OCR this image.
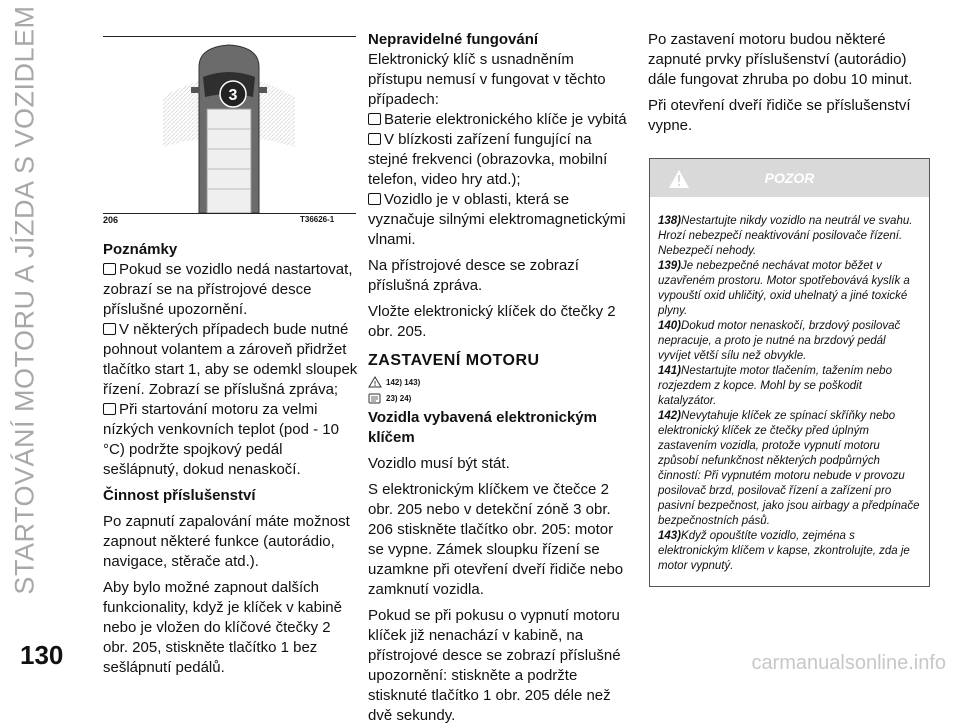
STARTOVÁNÍ MOTORU A JÍZDA S VOZIDLEM	3
206	T36626-1
Poznámky

Pokud se vozidlo nedá nastartovat, zobrazí se na přístrojové desce příslušné upozornění.

V některých případech bude nutné pohnout volantem a zároveň přidržet tlačítko start 1, aby se odemkl sloupek řízení. Zobrazí se příslušná zpráva;

Při startování motoru za velmi nízkých venkovních teplot (pod - 10 °C) podržte spojkový pedál sešlápnutý, dokud nenaskočí.

Činnost příslušenství

Po zapnutí zapalování máte možnost zapnout některé funkce (autorádio, navigace, stěrače atd.).

Aby bylo možné zapnout dalších funkcionality, když je klíček v kabině nebo je vložen do klíčové čtečky 2 obr. 205, stiskněte tlačítko 1 bez sešlápnutí pedálů.

Nepravidelné fungování

Elektronický klíč s usnadněním přístupu nemusí v fungovat v těchto případech:

Baterie elektronického klíče je vybitá

V blízkosti zařízení fungující na stejné frekvenci (obrazovka, mobilní telefon, video hry atd.);

Vozidlo je v oblasti, která se vyznačuje silnými elektromagnetickými vlnami.

Na přístrojové desce se zobrazí příslušná zpráva.

Vložte elektronický klíček do čtečky 2 obr. 205.

ZASTAVENÍ MOTORU
! 142) 143)
23) 24)
Vozidla vybavená elektronickým klíčem

Vozidlo musí být stát.

S elektronickým klíčkem ve čtečce 2 obr. 205 nebo v detekční zóně 3 obr. 206 stiskněte tlačítko obr. 205: motor se vypne. Zámek sloupku řízení se uzamkne při otevření dveří řidiče nebo zamknutí vozidla.

Pokud se při pokusu o vypnutí motoru klíček již nenachází v kabině, na přístrojové desce se zobrazí příslušné upozornění: stiskněte a podržte stisknuté tlačítko 1 obr. 205 déle než dvě sekundy.

Po zastavení motoru budou některé zapnuté prvky příslušenství (autorádio) dále fungovat zhruba po dobu 10 minut.

Při otevření dveří řidiče se příslušenství vypne.

POZOR

138)Nestartujte nikdy vozidlo na neutrál ve svahu. Hrozí nebezpečí neaktivování posilovače řízení. Nebezpečí nehody.

139)Je nebezpečné nechávat motor běžet v uzavřeném prostoru. Motor spotřebovává kyslík a vypouští oxid uhličitý, oxid uhelnatý a jiné toxické plyny.

140)Dokud motor nenaskočí, brzdový posilovač nepracuje, a proto je nutné na brzdový pedál vyvíjet větší sílu než obvykle.

141)Nestartujte motor tlačením, tažením nebo rozjezdem z kopce. Mohl by se poškodit katalyzátor.

142)Nevytahuje klíček ze spínací skříňky nebo elektronický klíček ze čtečky před úplným zastavením vozidla, protože vypnutí motoru způsobí nefunkčnost některých podpůrných činností: Při vypnutém motoru nebude v provozu posilovač brzd, posilovač řízení a zařízení pro pasivní bezpečnost, jako jsou airbagy a předpínače bezpečnostních pásů.

143)Když opouštíte vozidlo, zejména s elektronickým klíčem v kapse, zkontrolujte, zda je motor vypnutý.

130	carmanualsonline.info
